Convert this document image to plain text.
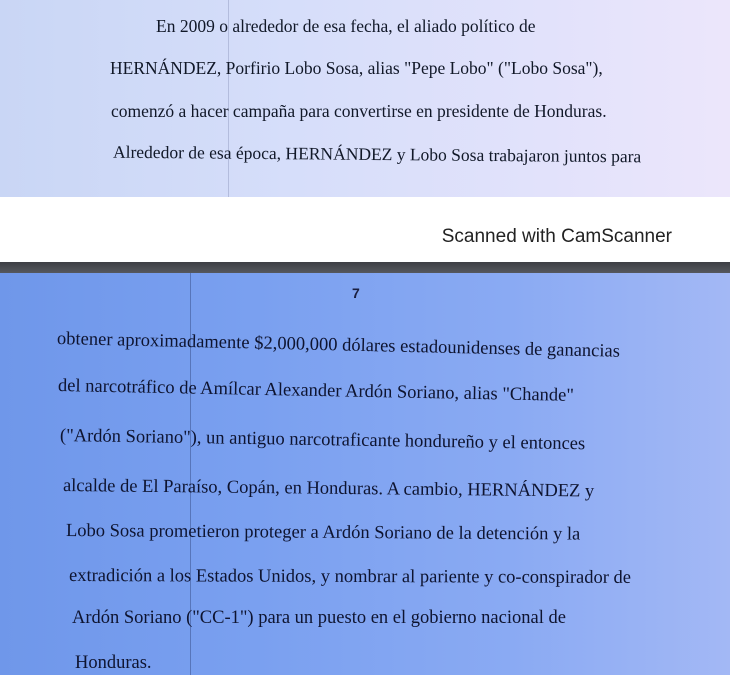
En 2009 o alrededor de esa fecha, el aliado político de
HERNÁNDEZ, Porfirio Lobo Sosa, alias "Pepe Lobo" ("Lobo Sosa"),
comenzó a hacer campaña para convertirse en presidente de Honduras.
Alrededor de esa época, HERNÁNDEZ y Lobo Sosa trabajaron juntos para
Scanned with CamScanner
7
obtener aproximadamente $2,000,000 dólares estadounidenses de ganancias
del narcotráfico de Amílcar Alexander Ardón Soriano, alias "Chande"
("Ardón Soriano"), un antiguo narcotraficante hondureño y el entonces
alcalde de El Paraíso, Copán, en Honduras. A cambio, HERNÁNDEZ y
Lobo Sosa prometieron proteger a Ardón Soriano de la detención y la
extradición a los Estados Unidos, y nombrar al pariente y co-conspirador de
Ardón Soriano ("CC-1") para un puesto en el gobierno nacional de
Honduras.
